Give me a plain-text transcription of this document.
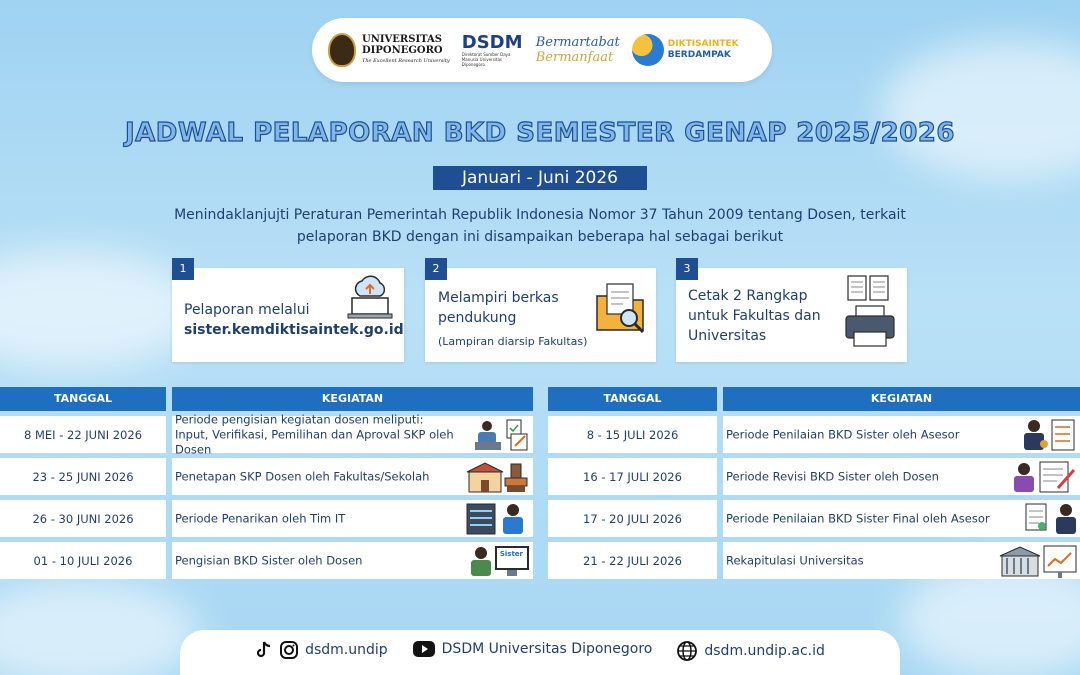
UNIVERSITAS
DIPONEGORO
The Excellent Research University
DSDM
Direktorat Sumber Daya Manusia Universitas Diponegoro
Bermartabat
Bermanfaat
DIKTISAINTEK
BERDAMPAK
JADWAL PELAPORAN BKD SEMESTER GENAP 2025/2026
Januari - Juni 2026
Menindaklanjujti Peraturan Pemerintah Republik Indonesia Nomor 37 Tahun 2009 tentang Dosen, terkait pelaporan BKD dengan ini disampaikan beberapa hal sebagai berikut
1
Pelaporan melalui
sister.kemdiktisaintek.go.id
2
Melampiri berkas pendukung
(Lampiran diarsip Fakultas)
3
Cetak 2 Rangkap untuk Fakultas dan Universitas
TANGGAL		KEGIATAN
8 MEI - 22 JUNI 2026		Periode pengisian kegiatan dosen meliputi: Input, Verifikasi, Pemilihan dan Aproval SKP oleh Dosen

23 - 25 JUNI 2026		Penetapan SKP Dosen oleh Fakultas/Sekolah

26 - 30 JUNI 2026		Periode Penarikan oleh Tim IT

01 - 10 JULI 2026		Pengisian BKD Sister oleh Dosen Sister
TANGGAL		KEGIATAN
8 - 15 JULI 2026		Periode Penilaian BKD Sister oleh Asesor

16 - 17 JULI 2026		Periode Revisi BKD Sister oleh Dosen

17 - 20 JULI 2026		Periode Penilaian BKD Sister Final oleh Asesor

21 - 22 JULI 2026		Rekapitulasi Universitas
dsdm.undip	DSDM Universitas Diponegoro	dsdm.undip.ac.id
